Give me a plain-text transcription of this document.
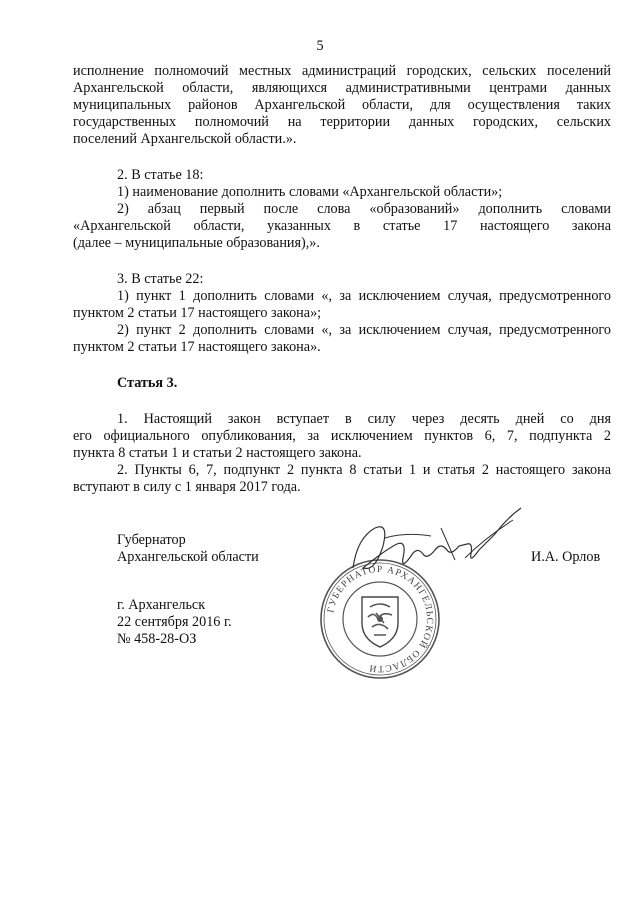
5
исполнение полномочий местных администраций городских, сельских поселений
Архангельской области, являющихся административными центрами данных
муниципальных районов Архангельской области, для осуществления таких
государственных полномочий на территории данных городских, сельских
поселений Архангельской области.».
2. В статье 18:
1) наименование дополнить словами «Архангельской области»;
2) абзац первый после слова «образований» дополнить словами
«Архангельской области, указанных в статье 17 настоящего закона
(далее – муниципальные образования),».
3. В статье 22:
1) пункт 1 дополнить словами «, за исключением случая, предусмотренного
пунктом 2 статьи 17 настоящего закона»;
2) пункт 2 дополнить словами «, за исключением случая, предусмотренного
пунктом 2 статьи 17 настоящего закона».
Статья 3.
1. Настоящий закон вступает в силу через десять дней со дня
его официального опубликования, за исключением пунктов 6, 7, подпункта 2
пункта 8 статьи 1 и статьи 2 настоящего закона.
2. Пункты 6, 7, подпункт 2 пункта 8 статьи 1 и статья 2 настоящего закона
вступают в силу с 1 января 2017 года.
Губернатор
Архангельской области	И.А. Орлов
ГУБЕРНАТОР АРХАНГЕЛЬСКОЙ ОБЛАСТИ
г. Архангельск
22 сентября 2016 г.
№ 458-28-ОЗ
